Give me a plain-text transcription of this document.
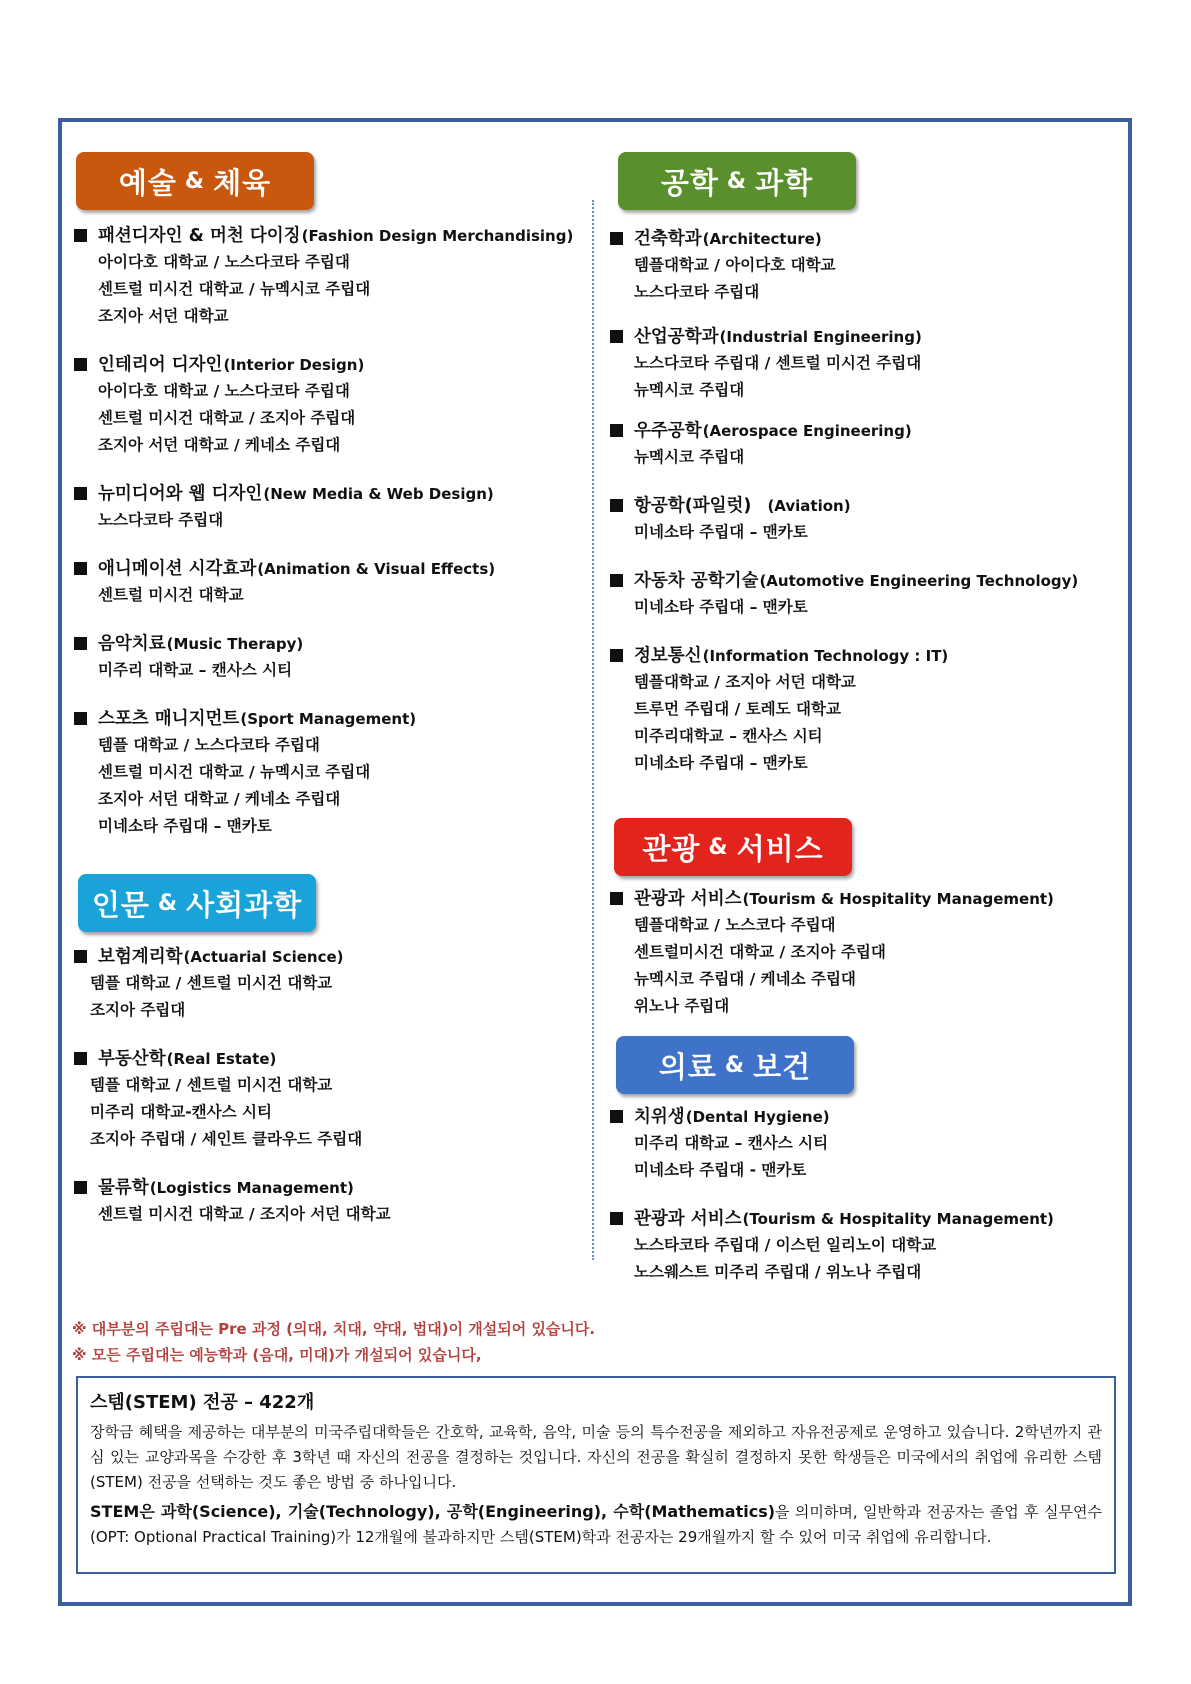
예술 & 체육	공학 & 과학
인문 & 사회과학
관광 & 서비스
의료 & 보건
패션디자인 & 머천 다이징 (Fashion Design Merchandising)
아이다호 대학교 / 노스다코타 주립대
센트럴 미시건 대학교 / 뉴멕시코 주립대
조지아 서던 대학교
인테리어 디자인 (Interior Design)
아이다호 대학교 / 노스다코타 주립대
센트럴 미시건 대학교 / 조지아 주립대
조지아 서던 대학교 / 케네소 주립대
뉴미디어와 웹 디자인 (New Media & Web Design)
노스다코타 주립대
애니메이션 시각효과 (Animation & Visual Effects)
센트럴 미시건 대학교
음악치료 (Music Therapy)
미주리 대학교 – 캔사스 시티
스포츠 매니지먼트 (Sport Management)
템플 대학교 / 노스다코타 주립대
센트럴 미시건 대학교 / 뉴멕시코 주립대
조지아 서던 대학교 / 케네소 주립대
미네소타 주립대 – 맨카토
보험계리학 (Actuarial Science)
템플 대학교 / 센트럴 미시건 대학교
조지아 주립대
부동산학 (Real Estate)
템플 대학교 / 센트럴 미시건 대학교
미주리 대학교-캔사스 시티
조지아 주립대 / 세인트 클라우드 주립대
물류학 (Logistics Management)
센트럴 미시건 대학교 / 조지아 서던 대학교
건축학과 (Architecture)
템플대학교 / 아이다호 대학교
노스다코타 주립대
산업공학과 (Industrial Engineering)
노스다코타 주립대 / 센트럴 미시건 주립대
뉴멕시코 주립대
우주공학 (Aerospace Engineering)
뉴멕시코 주립대
항공학(파일럿) (Aviation)
미네소타 주립대 – 맨카토
자동차 공학기술 (Automotive Engineering Technology)
미네소타 주립대 – 맨카토
정보통신 (Information Technology : IT)
템플대학교 / 조지아 서던 대학교
트루먼 주립대 / 토레도 대학교
미주리대학교 – 캔사스 시티
미네소타 주립대 – 맨카토
관광과 서비스 (Tourism & Hospitality Management)
템플대학교 / 노스코다 주립대
센트럴미시건 대학교 / 조지아 주립대
뉴멕시코 주립대 / 케네소 주립대
위노나 주립대
치위생 (Dental Hygiene)
미주리 대학교 – 캔사스 시티
미네소타 주립대 - 맨카토
관광과 서비스 (Tourism & Hospitality Management)
노스타코타 주립대 / 이스턴 일리노이 대학교
노스웨스트 미주리 주립대 / 위노나 주립대
※ 대부분의 주립대는 Pre 과정 (의대, 치대, 약대, 법대)이 개설되어 있습니다.
※ 모든 주립대는 예능학과 (음대, 미대)가 개설되어 있습니다,
스템(STEM) 전공 – 422개
장학금 혜택을 제공하는 대부분의 미국주립대학들은 간호학, 교육학, 음악, 미술 등의 특수전공을 제외하고 자유전공제로 운영하고 있습니다. 2학년까지 관심 있는 교양과목을 수강한 후 3학년 때 자신의 전공을 결정하는 것입니다. 자신의 전공을 확실히 결정하지 못한 학생들은 미국에서의 취업에 유리한 스템(STEM) 전공을 선택하는 것도 좋은 방법 중 하나입니다.
STEM은 과학(Science), 기술(Technology), 공학(Engineering), 수학(Mathematics)을 의미하며, 일반학과 전공자는 졸업 후 실무연수(OPT: Optional Practical Training)가 12개월에 불과하지만 스템(STEM)학과 전공자는 29개월까지 할 수 있어 미국 취업에 유리합니다.
